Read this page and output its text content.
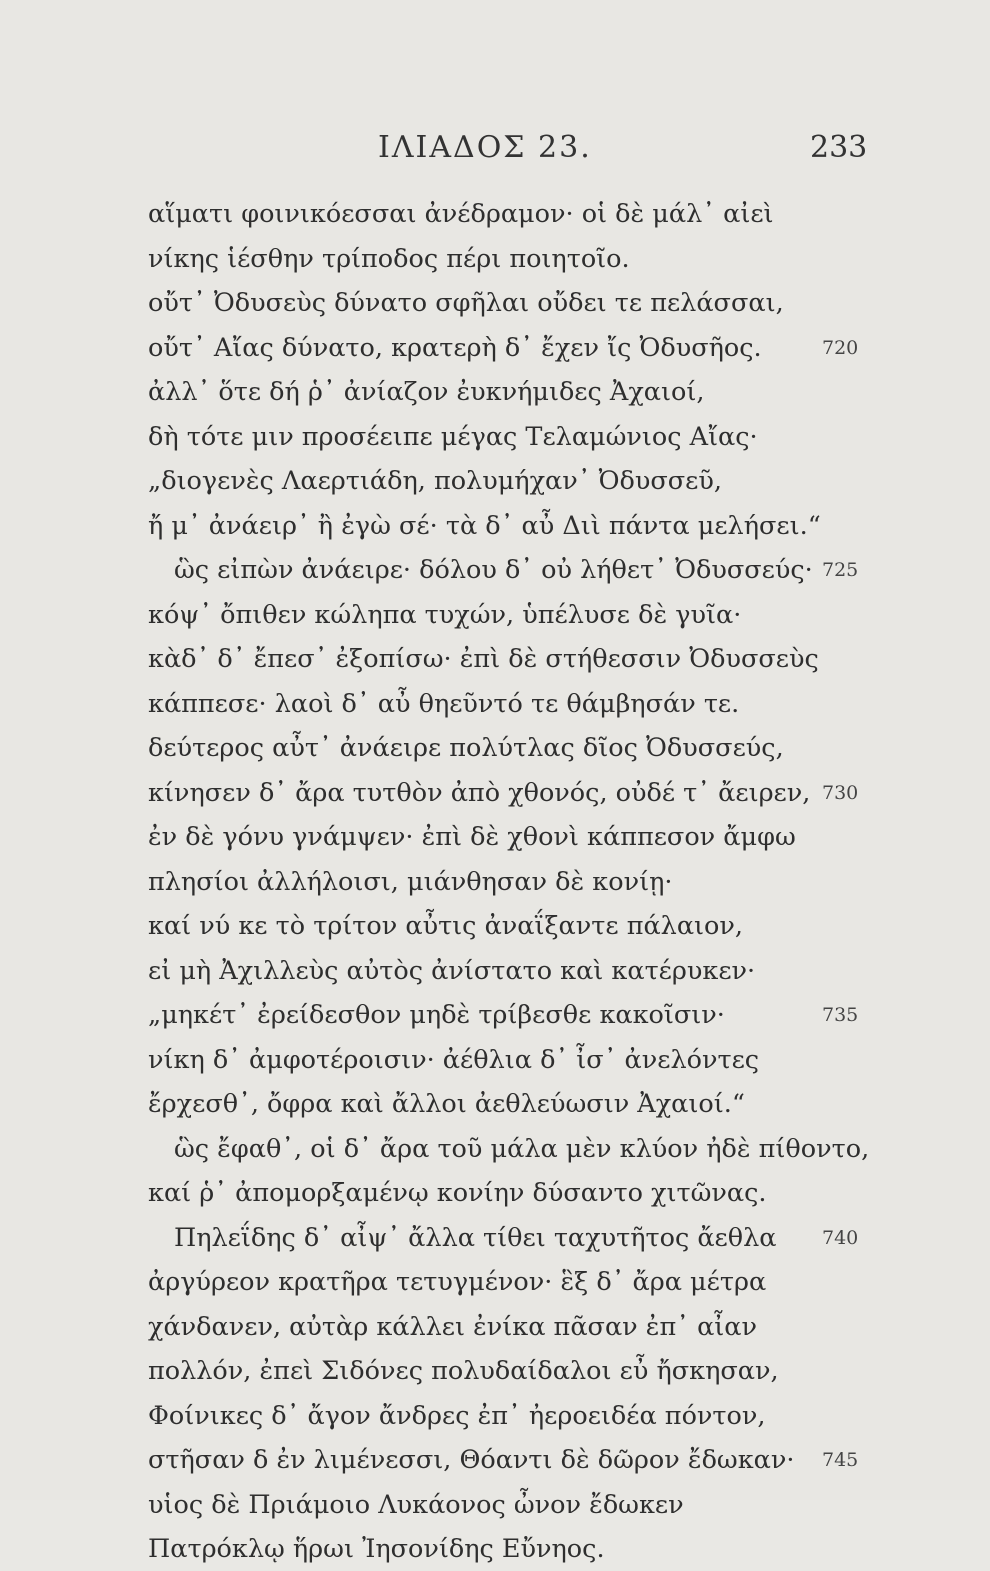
ΙΛΙΑΔΟΣ 23.	233
αἵματι φοινικόεσσαι ἀνέδραμον· οἱ δὲ μάλ᾽ αἰεὶ
νίκης ἱέσθην τρίποδος πέρι ποιητοῖο.
οὔτ᾽ Ὀδυσεὺς δύνατο σφῆλαι οὔδει τε πελάσσαι,
οὔτ᾽ Αἴας δύνατο, κρατερὴ δ᾽ ἔχεν ἴς Ὀδυσῆος.	720
ἀλλ᾽ ὅτε δή ῥ᾽ ἀνίαζον ἐυκνήμιδες Ἀχαιοί,
δὴ τότε μιν προσέειπε μέγας Τελαμώνιος Αἴας·
„διογενὲς Λαερτιάδη, πολυμήχαν᾽ Ὀδυσσεῦ,
ἤ μ᾽ ἀνάειρ᾽ ἢ ἐγὼ σέ· τὰ δ᾽ αὖ Διὶ πάντα μελήσει.“
ὣς εἰπὼν ἀνάειρε· δόλου δ᾽ οὐ λήθετ᾽ Ὀδυσσεύς· 725
κόψ᾽ ὄπιθεν κώληπα τυχών, ὑπέλυσε δὲ γυῖα·
κὰδ᾽ δ᾽ ἔπεσ᾽ ἐξοπίσω· ἐπὶ δὲ στήθεσσιν Ὀδυσσεὺς
κάππεσε· λαοὶ δ᾽ αὖ θηεῦντό τε θάμβησάν τε.
δεύτερος αὖτ᾽ ἀνάειρε πολύτλας δῖος Ὀδυσσεύς,
κίνησεν δ᾽ ἄρα τυτθὸν ἀπὸ χθονός, οὐδέ τ᾽ ἄειρεν, 730
ἐν δὲ γόνυ γνάμψεν· ἐπὶ δὲ χθονὶ κάππεσον ἄμφω
πλησίοι ἀλλήλοισι, μιάνθησαν δὲ κονίῃ·
καί νύ κε τὸ τρίτον αὖτις ἀναΐξαντε πάλαιον,
εἰ μὴ Ἀχιλλεὺς αὐτὸς ἀνίστατο καὶ κατέρυκεν·
„μηκέτ᾽ ἐρείδεσθον μηδὲ τρίβεσθε κακοῖσιν·	735
νίκη δ᾽ ἀμφοτέροισιν· ἀέθλια δ᾽ ἶσ᾽ ἀνελόντες
ἔρχεσθ᾽, ὄφρα καὶ ἄλλοι ἀεθλεύωσιν Ἀχαιοί.“
ὣς ἔφαθ᾽, οἱ δ᾽ ἄρα τοῦ μάλα μὲν κλύον ἠδὲ πίθοντο,
καί ῥ᾽ ἀπομορξαμένῳ κονίην δύσαντο χιτῶνας.
Πηλεΐδης δ᾽ αἶψ᾽ ἄλλα τίθει ταχυτῆτος ἄεθλα 740
ἀργύρεον κρατῆρα τετυγμένον· ἓξ δ᾽ ἄρα μέτρα
χάνδανεν, αὐτὰρ κάλλει ἐνίκα πᾶσαν ἐπ᾽ αἶαν
πολλόν, ἐπεὶ Σιδόνες πολυδαίδαλοι εὖ ἤσκησαν,
Φοίνικες δ᾽ ἄγον ἄνδρες ἐπ᾽ ἠεροειδέα πόντον,
στῆσαν δ ἐν λιμένεσσι, Θόαντι δὲ δῶρον ἔδωκαν· 745
υἱος δὲ Πριάμοιο Λυκάονος ὦνον ἔδωκεν
Πατρόκλῳ ἥρωι Ἰησονίδης Εὔνηος.
